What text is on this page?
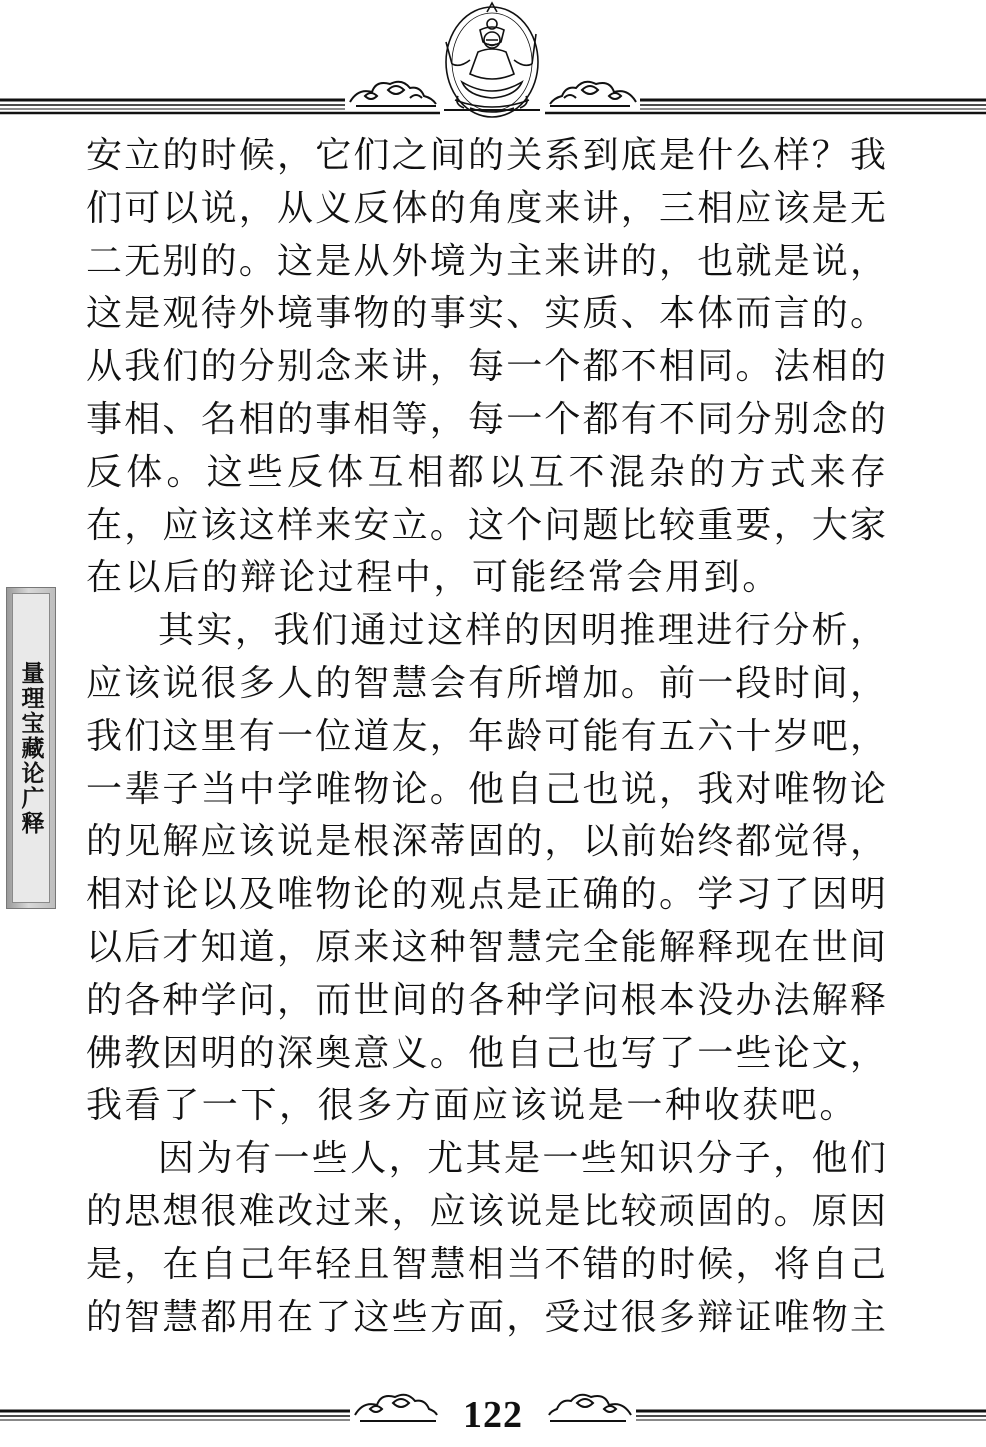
量理宝藏论广释
安立的时候，它们之间的关系到底是什么样？我
们可以说，从义反体的角度来讲，三相应该是无
二无别的。这是从外境为主来讲的，也就是说，
这是观待外境事物的事实、实质、本体而言的。
从我们的分别念来讲，每一个都不相同。法相的
事相、名相的事相等，每一个都有不同分别念的
反体。这些反体互相都以互不混杂的方式来存
在，应该这样来安立。这个问题比较重要，大家
在以后的辩论过程中，可能经常会用到。
其实，我们通过这样的因明推理进行分析，
应该说很多人的智慧会有所增加。前一段时间，
我们这里有一位道友，年龄可能有五六十岁吧，
一辈子当中学唯物论。他自己也说，我对唯物论
的见解应该说是根深蒂固的，以前始终都觉得，
相对论以及唯物论的观点是正确的。学习了因明
以后才知道，原来这种智慧完全能解释现在世间
的各种学问，而世间的各种学问根本没办法解释
佛教因明的深奥意义。他自己也写了一些论文，
我看了一下，很多方面应该说是一种收获吧。
因为有一些人，尤其是一些知识分子，他们
的思想很难改过来，应该说是比较顽固的。原因
是，在自己年轻且智慧相当不错的时候，将自己
的智慧都用在了这些方面，受过很多辩证唯物主
122
